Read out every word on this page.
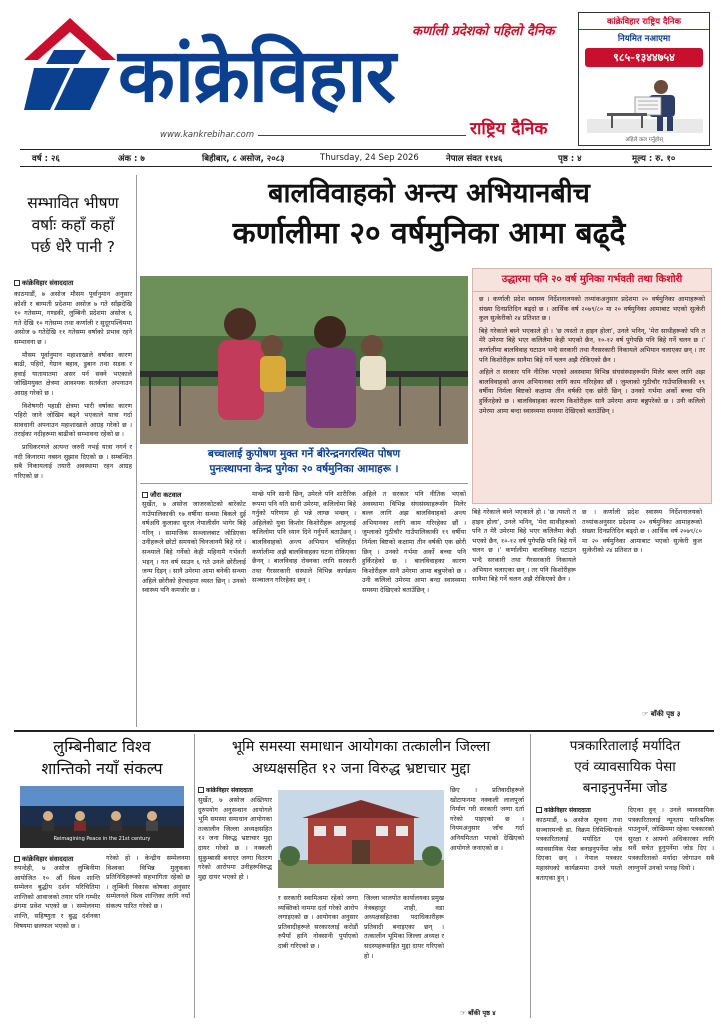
कांक्रेविहार
कर्णाली प्रदेशको पहिलो दैनिक
राष्ट्रिय दैनिक
www.kankrebihar.com
कांक्रेविहार राष्ट्रिय दैनिक
नियमित नआएमा
९८५-१३४४७५४
अहिले कल गर्नुहोस्
वर्ष : २६	अंक : ७	बिहीबार, ८ असोज, २०८३	Thursday, 24 Sep 2026	नेपाल संवत ११४६	पृष्ठ : ४	मूल्य : रु. १०
सम्भावित भीषण
वर्षाः कहाँ कहाँ
पर्छ धेरै पानी ?
कांक्रेविहार संवाददाता
काठमाडौं, ७ असोज मौसम पूर्वानुमान अनुसार कोशी र बाग्मती प्रदेशमा असोज ७ गते साँझदेखि १० गतेसम्म, गण्डकी, लुम्बिनी प्रदेशमा असोज ६ गते देखि १० गतेसम्म तथा कर्णाली र सुदूरपश्चिममा असोज ७ गतेदेखि ११ गतेसम्म वर्षाको प्रभाव रहने सम्भावना छ ।
मौसम पूर्वानुमान महाशाखाले वर्षाका कारण बाढी, पहिरो, गेग्रान बहाव, डुबान तथा सडक र हवाई यातायातमा असर पर्न सक्ने भएकाले जोखिमयुक्त क्षेत्रमा आवश्यक सतर्कता अपनाउन आग्रह गरेको छ ।
विशेषगरी पहाडी क्षेत्रमा भारी वर्षाका कारण पहिरो जाने जोखिम बढ्ने भएकाले यात्रा गर्दा सावधानी अपनाउन महाशाखाले आग्रह गरेको छ । तराईका नदीहरूमा बाढीको सम्भावना रहेको छ ।
प्राधिकरणले अत्यन्त जरुरी नभई यात्रा नगर्न र नदी किनारमा नबस्न सुझाव दिएको छ । सम्बन्धित सबै निकायलाई तयारी अवस्थामा रहन आग्रह गरिएको छ ।
बालविवाहको अन्त्य अभियानबीच
कर्णालीमा २० वर्षमुनिका आमा बढ्दै
बच्चालाई कुपोषण मुक्त गर्ने बीरेन्द्रनगरस्थित पोषण
पुनःस्थापना केन्द्र पुगेका २० वर्षमुनिका आमाहरू ।
उद्धारमा पनि २० वर्ष मुनिका गर्भवती तथा किशोरी
छ । कर्णाली प्रदेश स्वास्थ्य निर्देशनालयको तथ्यांकअनुसार प्रदेशमा २० वर्षमुनिका आमाहरूको संख्या दिनप्रतिदिन बढ्दो छ । आर्थिक वर्ष २०७९/८० मा २० वर्षमुनिका आमाबाट भएको सुत्केरी कुल सुत्केरीको २४ प्रतिशत छ ।
बिहे गरेकाले बस्ने भएकाले हो । 'छ त्यस्तो त हाइन होला', उनले भनिन्, 'मेरा साथीहरूको पनि त मेरै उमेरमा बिहे भएर कलिलैमा केही भएको छैन, १०-१२ वर्ष पुगेपछि पनि बिहे गर्ने चलन छ ।' कर्णालीमा बालविवाह घटाउन भन्दै सरकारी तथा गैरसरकारी निकायले अभियान चलाएका छन् । तर पनि किशोरीहरू सानैमा बिहे गर्ने चलन अझै रोकिएको छैन ।
अहिले त सरकार पनि नीतिक भएको अवस्थामा विभिन्न संघसंस्थाहरूसँग मिलेर बल्ल लागि अझ बालविवाहको अन्त्य अभियानका लागि काम गरिरहेका छौं । जुम्लाको गुठीचौर गाउँपालिकाकी १९ वर्षीया निर्मला बिष्टको कक्षामा तीन वर्षकी एक छोरी छिन् । उनको गर्भमा अर्को बच्चा पनि हुर्किरहेको छ । बालविवाहका कारण किशोरीहरू सानै उमेरमा आमा बन्नुपरेको छ । उनी कलिलो उमेरमा आमा बन्दा स्वास्थ्यमा समस्या देखिएको बताउँछिन् ।
जौरा कटवाल
सुर्खेत, ७ असोज जाजरकोटको बारेकोट गाउँपालिकाकी १७ वर्षीया सन्ध्या बिकले दुई वर्षअघि कुलाका सुरज नेपालीसँग भागेर बिहे गरिन् । सामाजिक सञ्जालबाट जोडिएका उनीहरूले छोटो समयको चिनजानमै बिहे गरे । सन्ध्याले बिहे गर्नेको केही महिनामै गर्भवती भइन् । गत वर्ष साउन ६ गते उनले छोरीलाई जन्म दिइन् । सानै उमेरमा आमा बनेकी सन्ध्या अहिले छोरीको हेरचाहमा व्यस्त छिन् । उनको स्वास्थ्य पनि कमजोर छ ।
मान्छे पनि सानी छिन्, उमेरले पनि शारीरिक रूपमा पनि यति सानी उमेरमा, कलिलोमा बिहे गर्नुको परिणाम हो भन्ने लाग्छ भन्छन् । अहिलेको युवा किशोर किशोरीहरू आफूलाई कलिलोमा पनि ध्यान दिने गर्नुपर्ने बताउँछन् । बालविवाहको अन्त्य अभियान चलिरहँदा कर्णालीमा अझै बालविवाहका घटना रोकिएका छैनन् । बालविवाह रोक्नका लागि सरकारी तथा गैरसरकारी संस्थाले विभिन्न कार्यक्रम सञ्चालन गरिरहेका छन् ।
अहिले त सरकार पनि नीतिक भएको अवस्थामा विभिन्न संघसंस्थाहरूसँग मिलेर बल्ल लागि अझ बालविवाहको अन्त्य अभियानका लागि काम गरिरहेका छौं । जुम्लाको गुठीचौर गाउँपालिकाकी १९ वर्षीया निर्मला बिष्टको कक्षामा तीन वर्षकी एक छोरी छिन् । उनको गर्भमा अर्को बच्चा पनि हुर्किरहेको छ । बालविवाहका कारण किशोरीहरू सानै उमेरमा आमा बन्नुपरेको छ । उनी कलिलो उमेरमा आमा बन्दा स्वास्थ्यमा समस्या देखिएको बताउँछिन् ।
बिहे गरेकाले बस्ने भएकाले हो । 'छ त्यस्तो त हाइन होला', उनले भनिन्, 'मेरा साथीहरूको पनि त मेरै उमेरमा बिहे भएर कलिलैमा केही भएको छैन, १०-१२ वर्ष पुगेपछि पनि बिहे गर्ने चलन छ ।' कर्णालीमा बालविवाह घटाउन भन्दै सरकारी तथा गैरसरकारी निकायले अभियान चलाएका छन् । तर पनि किशोरीहरू सानैमा बिहे गर्ने चलन अझै रोकिएको छैन ।
छ । कर्णाली प्रदेश स्वास्थ्य निर्देशनालयको तथ्यांकअनुसार प्रदेशमा २० वर्षमुनिका आमाहरूको संख्या दिनप्रतिदिन बढ्दो छ । आर्थिक वर्ष २०७९/८० मा २० वर्षमुनिका आमाबाट भएको सुत्केरी कुल सुत्केरीको २४ प्रतिशत छ ।
☞ बाँकी पृष्ठ ३
लुम्बिनीबाट विश्व
शान्तिको नयाँ संकल्प
Reimagining Peace in the 21st century
कांक्रेविहार संवाददाता
रुपन्देही, ७ असोज लुम्बिनीमा आयोजित १० औं विश्व शान्ति सम्मेलन बुद्धीय दर्शन परिचितिमा शान्तिको आवाजको तयार पनि गम्भीर ढंगमा प्रवेश भएको छ । सम्मेलनमा शान्ति, सहिष्णुता र बुद्ध दर्शनका विषयमा छलफल भएको छ ।
गरेको हो । केन्द्रीय सम्मेलनमा विश्वका विभिन्न मुलुकका प्रतिनिधिहरूको सहभागिता रहेको छ । लुम्बिनी विकास कोषका अनुसार सम्मेलनले विश्व शान्तिका लागि नयाँ संकल्प पारित गरेको छ ।
भूमि समस्या समाधान आयोगका तत्कालीन जिल्ला
अध्यक्षसहित १२ जना विरुद्ध भ्रष्टाचार मुद्दा
कांक्रेविहार संवाददाता
सुर्खेत, ७ असोज अख्तियार दुरुपयोग अनुसन्धान आयोगले भूमि समस्या समाधान आयोगका तत्कालीन जिल्ला अध्यक्षसहित १२ जना विरुद्ध भ्रष्टाचार मुद्दा दायर गरेको छ । नक्कली सुकुम्बासी बनाएर जग्गा वितरण गरेको आरोपमा उनीहरूविरुद्ध मुद्दा दायर भएको हो ।
र सरकारी स्वामित्वमा रहेको जग्गा व्यक्तिको नाममा दर्ता गरेको आरोप लगाइएको छ । आयोगका अनुसार प्रतिवादीहरूले सरकारलाई करोडौं रुपैयाँ हानि नोक्सानी पुर्याएको दाबी गरिएको छ ।
जिल्ला भालपोत कार्यालयका प्रमुख नेत्रबहादुर शाही, वडा अध्यक्षसहितका पदाधिकारीहरू प्रतिवादी बनाइएका छन् । तत्कालीन भूमिका जिल्ला अध्यक्ष र सदस्यहरूसहित मुद्दा दायर गरिएको हो ।
छिए । प्रतिवादीहरूले खोटाफनमा नक्कली लालपुर्जा निर्माण गरी सरकारी जग्गा दर्ता गरेको पाइएको छ । नियमअनुसार जाँच गर्दा अनियमितता भएको देखिएको आयोगले जनाएको छ ।
☞ बाँकी पृष्ठ ४
पत्रकारितालाई मर्यादित
एवं व्यावसायिक पेसा
बनाइनुपर्नेमा जोड
कांक्रेविहार संवाददाता
काठमाडौं, ७ असोज सूचना तथा सञ्चारमन्त्री डा. विक्रम तिमिल्सिनाले पत्रकारितालाई मर्यादित एवं व्यावसायिक पेसा बनाइनुपर्नेमा जोड दिएका छन् । नेपाल पत्रकार महासंघको कार्यक्रममा उनले यस्तो बताएका हुन् ।
दिएका हुन् । उनले व्यावसायिक पत्रकारितालाई न्यूनतम पारिश्रमिक पाउनुपर्ने, जोखिममा रहेका पत्रकारको सुरक्षा र आफ्नो अधिकारका लागि सधैं सचेत हुनुपर्नेमा जोड दिए । पत्रकारिताको मर्यादा जोगाउन सबै लाग्नुपर्ने उनको भनाइ थियो ।
